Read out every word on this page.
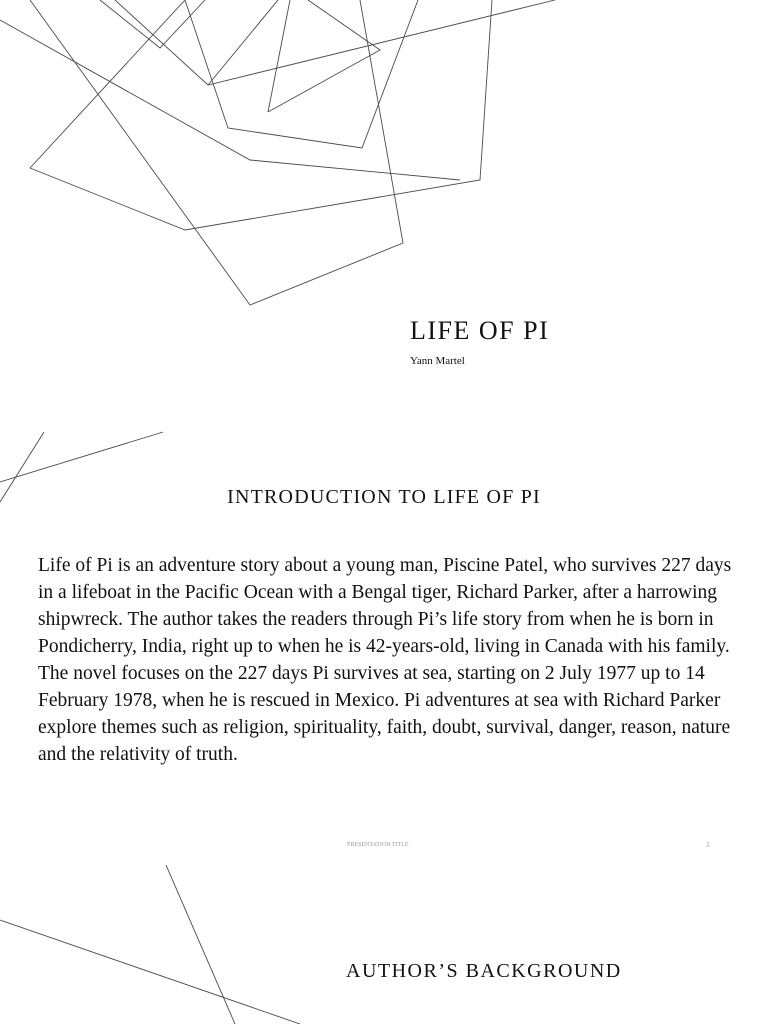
LIFE OF PI

Yann Martel

INTRODUCTION TO LIFE OF PI

Life of Pi is an adventure story about a young man, Piscine Patel, who survives 227 days in a lifeboat in the Pacific Ocean with a Bengal tiger, Richard Parker, after a harrowing shipwreck. The author takes the readers through Pi’s life story from when he is born in Pondicherry, India, right up to when he is 42-years-old, living in Canada with his family. The novel focuses on the 227 days Pi survives at sea, starting on 2 July 1977 up to 14 February 1978, when he is rescued in Mexico. Pi adventures at sea with Richard Parker explore themes such as religion, spirituality, faith, doubt, survival, danger, reason, nature and the relativity of truth.

PRESENTATION TITLE	2

AUTHOR’S BACKGROUND
